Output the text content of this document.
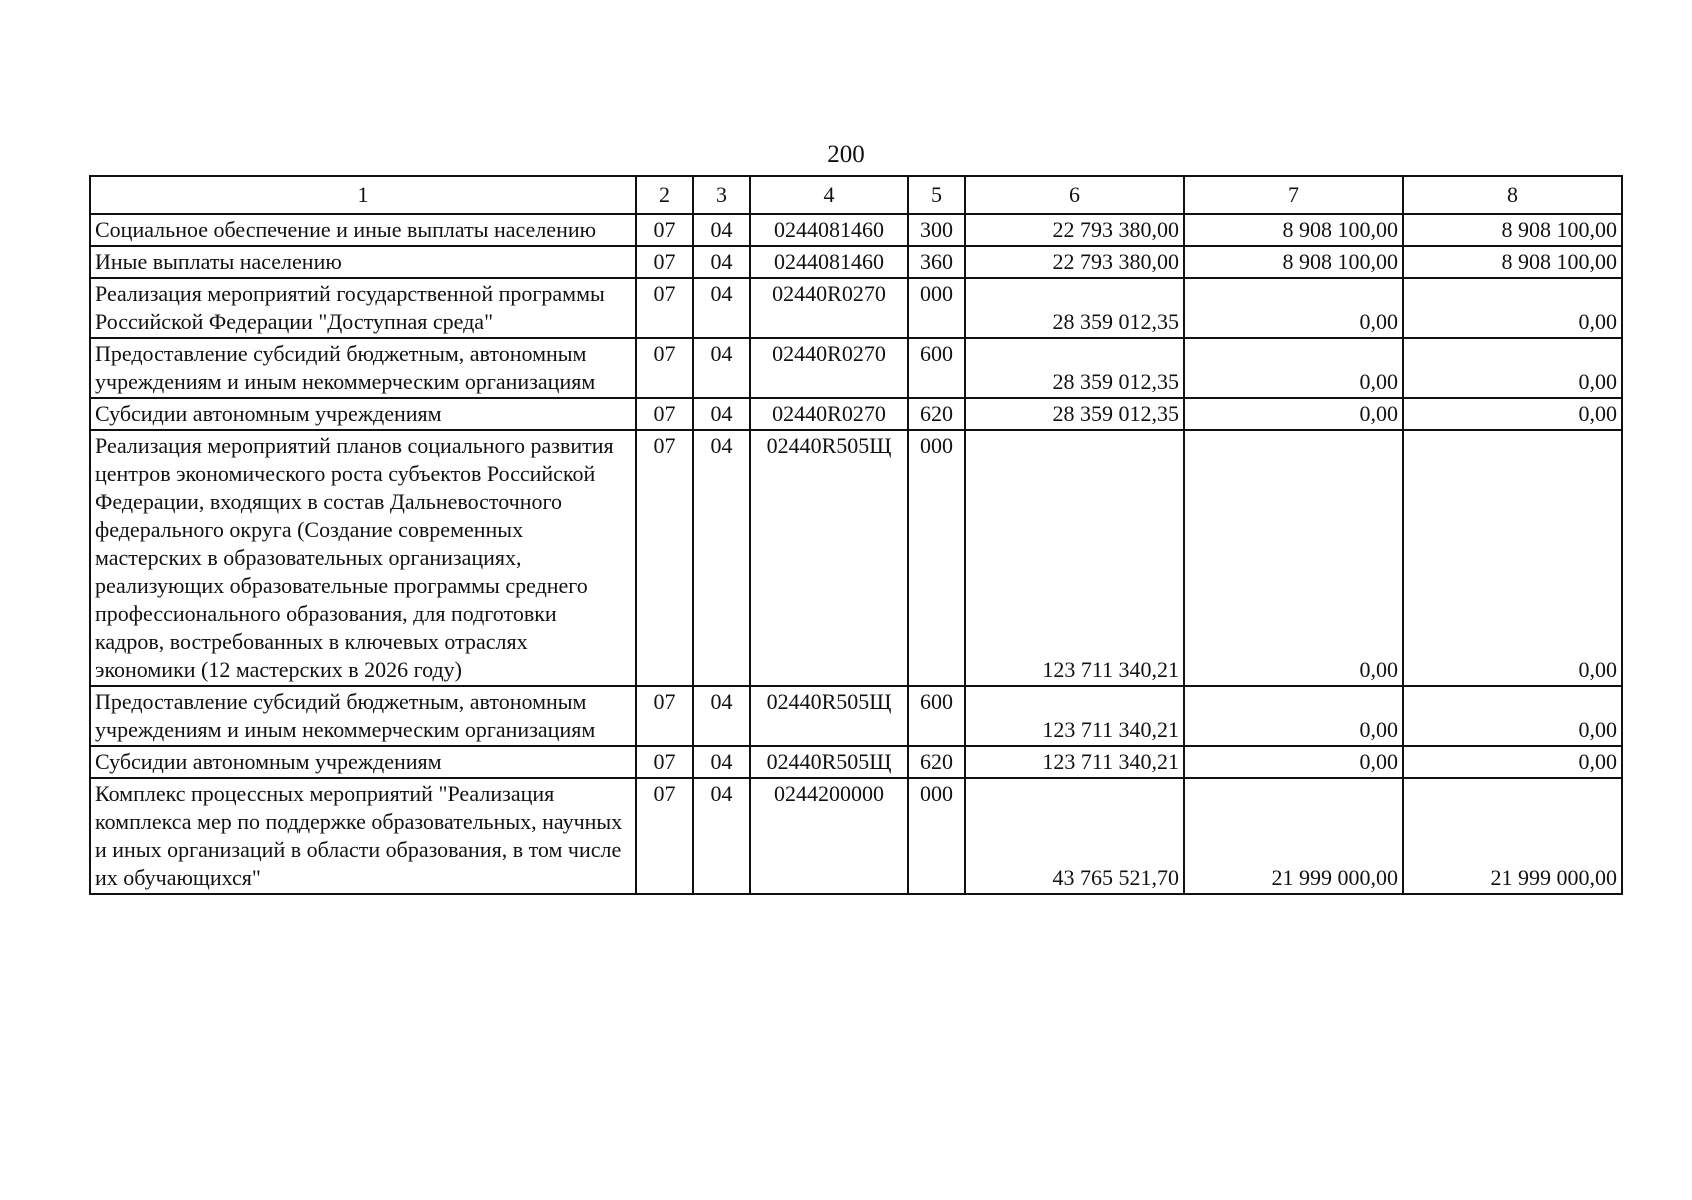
200
1	2	3	4	5	6	7	8
Социальное обеспечение и иные выплаты населению	07	04	0244081460	300	22 793 380,00	8 908 100,00	8 908 100,00
Иные выплаты населению	07	04	0244081460	360	22 793 380,00	8 908 100,00	8 908 100,00
Реализация мероприятий государственной программы Российской Федерации "Доступная среда"	07	04	02440R0270	000	28 359 012,35	0,00	0,00
Предоставление субсидий бюджетным, автономным учреждениям и иным некоммерческим организациям	07	04	02440R0270	600	28 359 012,35	0,00	0,00
Субсидии автономным учреждениям	07	04	02440R0270	620	28 359 012,35	0,00	0,00
Реализация мероприятий планов социального развития центров экономического роста субъектов Российской Федерации, входящих в состав Дальневосточного федерального округа (Создание современных мастерских в образовательных организациях, реализующих образовательные программы среднего профессионального образования, для подготовки кадров, востребованных в ключевых отраслях экономики (12 мастерских в 2026 году)	07	04	02440R505Щ	000	123 711 340,21	0,00	0,00
Предоставление субсидий бюджетным, автономным учреждениям и иным некоммерческим организациям	07	04	02440R505Щ	600	123 711 340,21	0,00	0,00
Субсидии автономным учреждениям	07	04	02440R505Щ	620	123 711 340,21	0,00	0,00
Комплекс процессных мероприятий "Реализация комплекса мер по поддержке образовательных, научных и иных организаций в области образования, в том числе их обучающихся"	07	04	0244200000	000	43 765 521,70	21 999 000,00	21 999 000,00
